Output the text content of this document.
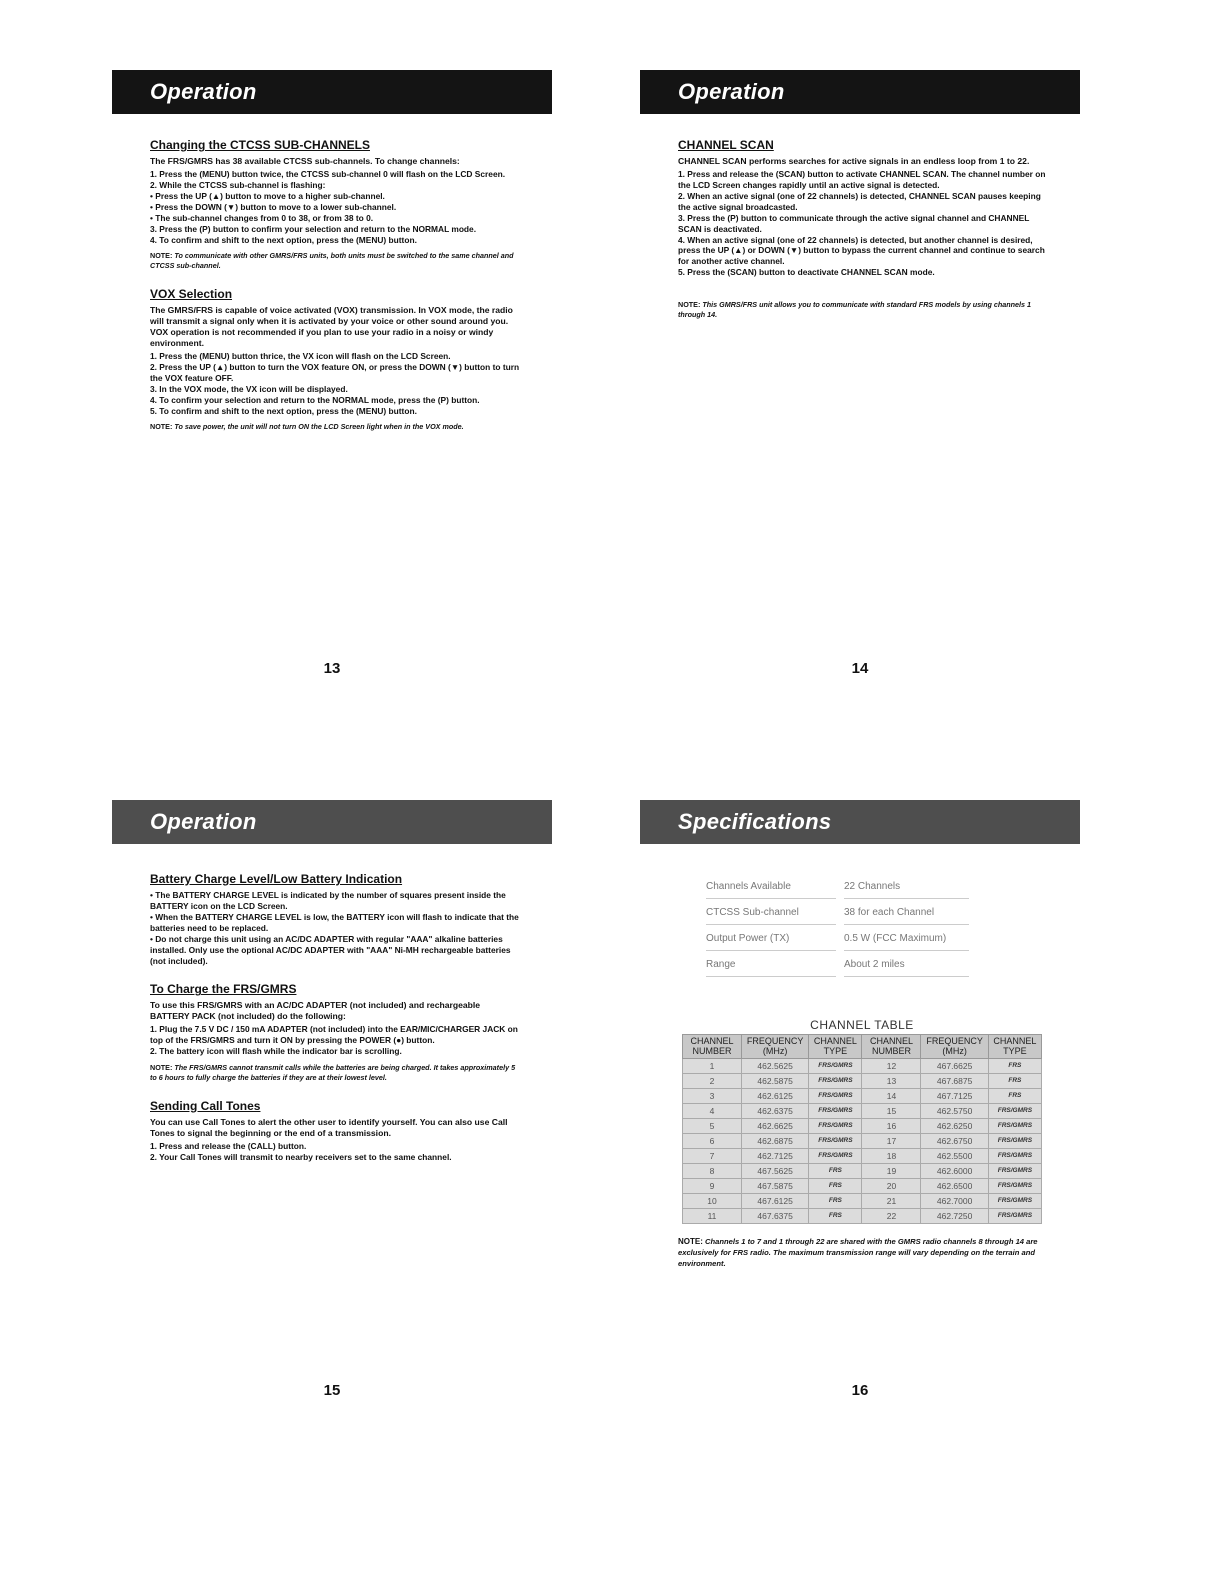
Operation
Changing the CTCSS SUB-CHANNELS

The FRS/GMRS has 38 available CTCSS sub-channels. To change channels:

1. Press the (MENU) button twice, the CTCSS sub-channel 0 will flash on the LCD Screen.
2. While the CTCSS sub-channel is flashing:
• Press the UP (▲) button to move to a higher sub-channel.
• Press the DOWN (▼) button to move to a lower sub-channel.
• The sub-channel changes from 0 to 38, or from 38 to 0.
3. Press the (P) button to confirm your selection and return to the NORMAL mode.
4. To confirm and shift to the next option, press the (MENU) button.

NOTE: To communicate with other GMRS/FRS units, both units must be switched to the same channel and CTCSS sub-channel.

VOX Selection

The GMRS/FRS is capable of voice activated (VOX) transmission. In VOX mode, the radio will transmit a signal only when it is activated by your voice or other sound around you. VOX operation is not recommended if you plan to use your radio in a noisy or windy environment.

1. Press the (MENU) button thrice, the VX icon will flash on the LCD Screen.
2. Press the UP (▲) button to turn the VOX feature ON, or press the DOWN (▼) button to turn the VOX feature OFF.
3. In the VOX mode, the VX icon will be displayed.
4. To confirm your selection and return to the NORMAL mode, press the (P) button.
5. To confirm and shift to the next option, press the (MENU) button.

NOTE: To save power, the unit will not turn ON the LCD Screen light when in the VOX mode.

13
Operation
CHANNEL SCAN

CHANNEL SCAN performs searches for active signals in an endless loop from 1 to 22.

1. Press and release the (SCAN) button to activate CHANNEL SCAN. The channel number on the LCD Screen changes rapidly until an active signal is detected.
2. When an active signal (one of 22 channels) is detected, CHANNEL SCAN pauses keeping the active signal broadcasted.
3. Press the (P) button to communicate through the active signal channel and CHANNEL SCAN is deactivated.
4. When an active signal (one of 22 channels) is detected, but another channel is desired, press the UP (▲) or DOWN (▼) button to bypass the current channel and continue to search for another active channel.
5. Press the (SCAN) button to deactivate CHANNEL SCAN mode.

NOTE: This GMRS/FRS unit allows you to communicate with standard FRS models by using channels 1 through 14.

14
Operation
Battery Charge Level/Low Battery Indication
• The BATTERY CHARGE LEVEL is indicated by the number of squares present inside the BATTERY icon on the LCD Screen.
• When the BATTERY CHARGE LEVEL is low, the BATTERY icon will flash to indicate that the batteries need to be replaced.
• Do not charge this unit using an AC/DC ADAPTER with regular "AAA" alkaline batteries installed. Only use the optional AC/DC ADAPTER with "AAA" Ni-MH rechargeable batteries (not included).
To Charge the FRS/GMRS

To use this FRS/GMRS with an AC/DC ADAPTER (not included) and rechargeable BATTERY PACK (not included) do the following:

1. Plug the 7.5 V DC / 150 mA ADAPTER (not included) into the EAR/MIC/CHARGER JACK on top of the FRS/GMRS and turn it ON by pressing the POWER (●) button.
2. The battery icon will flash while the indicator bar is scrolling.

NOTE: The FRS/GMRS cannot transmit calls while the batteries are being charged. It takes approximately 5 to 6 hours to fully charge the batteries if they are at their lowest level.

Sending Call Tones

You can use Call Tones to alert the other user to identify yourself. You can also use Call Tones to signal the beginning or the end of a transmission.

1. Press and release the (CALL) button.
2. Your Call Tones will transmit to nearby receivers set to the same channel.
15
Specifications
Channels Available	22 Channels
CTCSS Sub-channel	38 for each Channel
Output Power (TX)	0.5 W (FCC Maximum)
Range	About 2 miles
CHANNEL TABLE
CHANNEL NUMBER	FREQUENCY (MHz)	CHANNEL TYPE	CHANNEL NUMBER	FREQUENCY (MHz)	CHANNEL TYPE
1	462.5625	FRS/GMRS	12	467.6625	FRS
2	462.5875	FRS/GMRS	13	467.6875	FRS
3	462.6125	FRS/GMRS	14	467.7125	FRS
4	462.6375	FRS/GMRS	15	462.5750	FRS/GMRS
5	462.6625	FRS/GMRS	16	462.6250	FRS/GMRS
6	462.6875	FRS/GMRS	17	462.6750	FRS/GMRS
7	462.7125	FRS/GMRS	18	462.5500	FRS/GMRS
8	467.5625	FRS	19	462.6000	FRS/GMRS
9	467.5875	FRS	20	462.6500	FRS/GMRS
10	467.6125	FRS	21	462.7000	FRS/GMRS
11	467.6375	FRS	22	462.7250	FRS/GMRS

NOTE: Channels 1 to 7 and 1 through 22 are shared with the GMRS radio channels 8 through 14 are exclusively for FRS radio. The maximum transmission range will vary depending on the terrain and environment.

16
